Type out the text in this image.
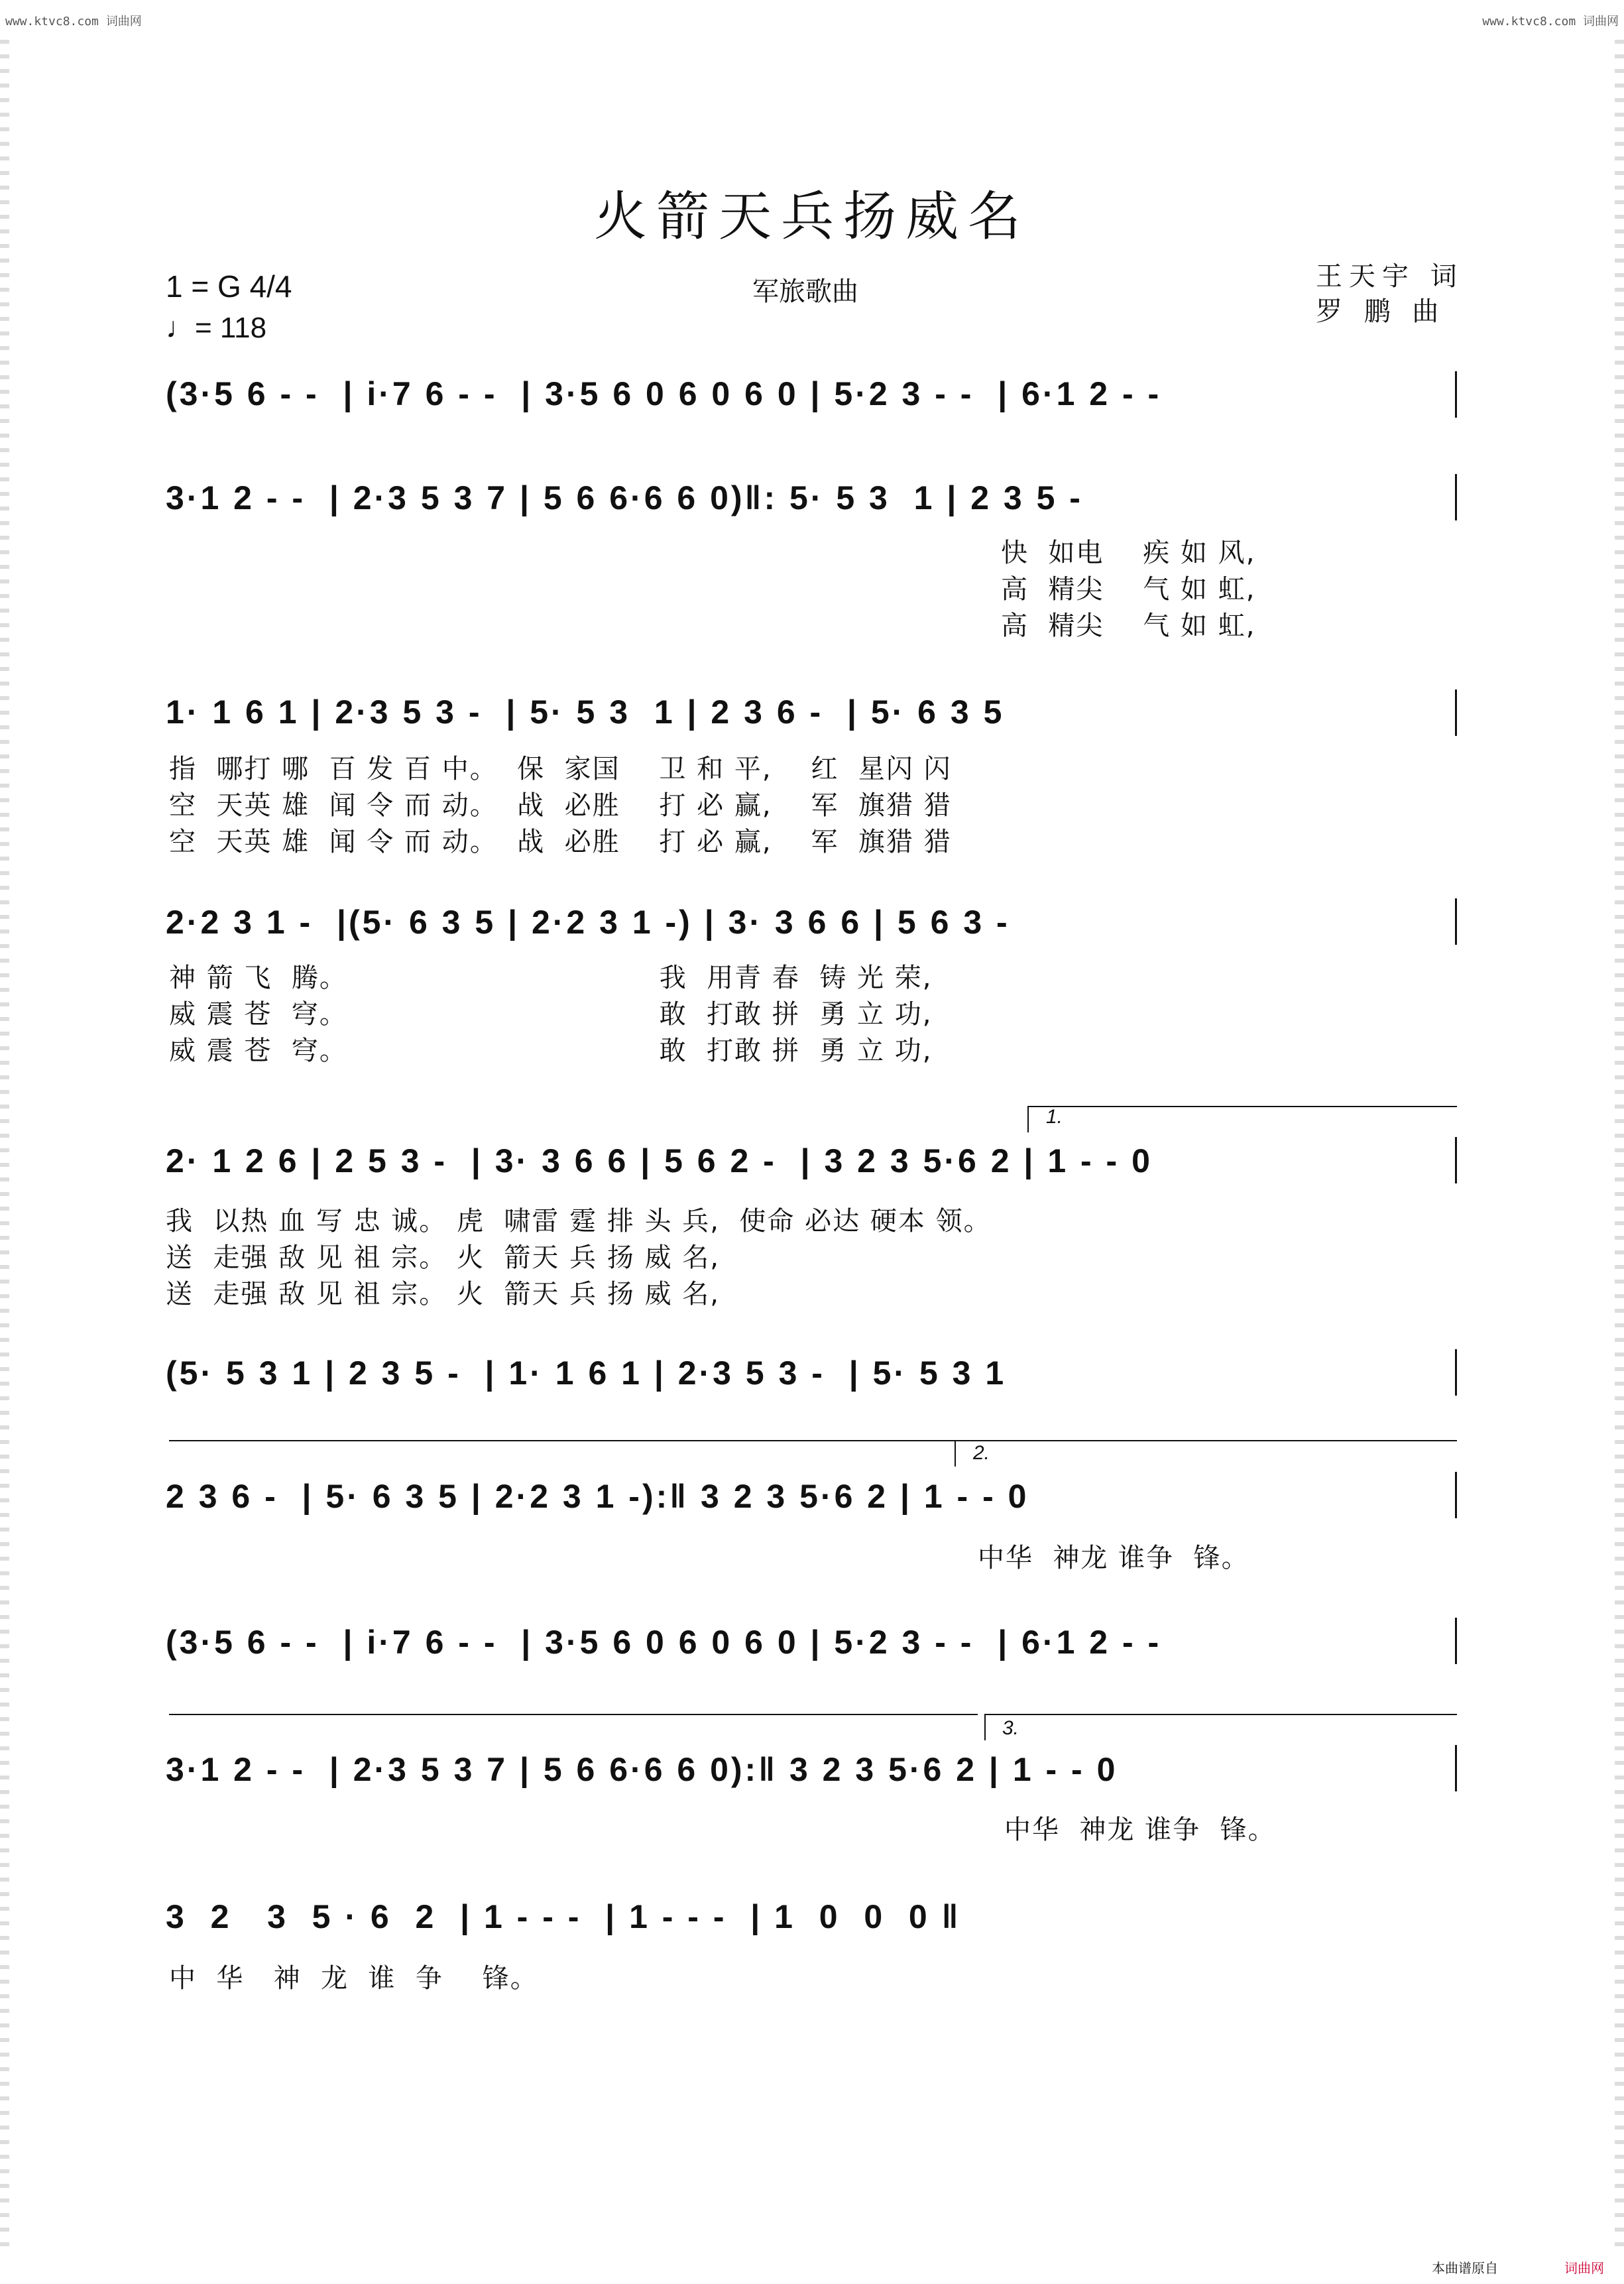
www.ktvc8.com 词曲网	www.ktvc8.com 词曲网
火箭天兵扬威名
军旅歌曲
1 = G 4/4
♩= 118
王天宇 词
罗 鹏 曲
(3·5 6 - -  | i·7 6 - -  | 3·5 6 0 6 0 6 0 | 5·2 3 - -  | 6·1 2 - -
3·1 2 - -  | 2·3 5 3 7 | 5 6 6·6 6 0)‖: 5· 5 3  1 | 2 3 5 -
快  如电    疾 如 风,
高  精尖    气 如 虹,
高  精尖    气 如 虹,
1· 1 6 1 | 2·3 5 3 -  | 5· 5 3  1 | 2 3 6 -  | 5· 6 3 5
指  哪打 哪  百 发 百 中。  保  家国    卫 和 平,    红  星闪 闪
空  天英 雄  闻 令 而 动。  战  必胜    打 必 赢,    军  旗猎 猎
空  天英 雄  闻 令 而 动。  战  必胜    打 必 赢,    军  旗猎 猎
2·2 3 1 -  |(5· 6 3 5 | 2·2 3 1 -) | 3· 3 6 6 | 5 6 3 -
神 箭 飞  腾。                                我  用青 春  铸 光 荣,
威 震 苍  穹。                                敢  打敢 拼  勇 立 功,
威 震 苍  穹。                                敢  打敢 拼  勇 立 功,
1.
2· 1 2 6 | 2 5 3 -  | 3· 3 6 6 | 5 6 2 -  | 3 2 3 5·6 2 | 1 - - 0
我  以热 血 写 忠 诚。 虎  啸雷 霆 排 头 兵,  使命 必达 硬本 领。
送  走强 敌 见 祖 宗。 火  箭天 兵 扬 威 名,
送  走强 敌 见 祖 宗。 火  箭天 兵 扬 威 名,
(5· 5 3 1 | 2 3 5 -  | 1· 1 6 1 | 2·3 5 3 -  | 5· 5 3 1
2.
2 3 6 -  | 5· 6 3 5 | 2·2 3 1 -):‖ 3 2 3 5·6 2 | 1 - - 0
中华  神龙 谁争  锋。
(3·5 6 - -  | i·7 6 - -  | 3·5 6 0 6 0 6 0 | 5·2 3 - -  | 6·1 2 - -
3.
3·1 2 - -  | 2·3 5 3 7 | 5 6 6·6 6 0):‖ 3 2 3 5·6 2 | 1 - - 0
中华  神龙 谁争  锋。
3  2   3  5 · 6  2  | 1 - - -  | 1 - - -  | 1  0  0  0 ‖
中  华   神  龙  谁  争    锋。
本曲谱原自	词曲网
